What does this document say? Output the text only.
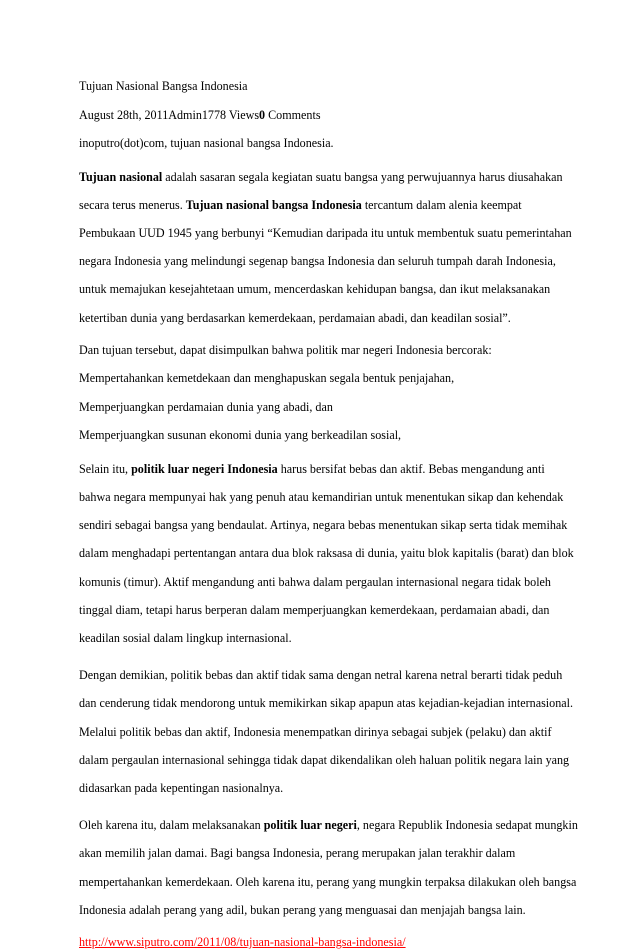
Tujuan Nasional Bangsa Indonesia

August 28th, 2011Admin1778 Views0 Comments

inoputro(dot)com, tujuan nasional bangsa Indonesia.

Tujuan nasional adalah sasaran segala kegiatan suatu bangsa yang perwujuannya harus diusahakan secara terus menerus. Tujuan nasional bangsa Indonesia tercantum dalam alenia keempat Pembukaan UUD 1945 yang berbunyi “Kemudian daripada itu untuk membentuk suatu pemerintahan negara Indonesia yang melindungi segenap bangsa Indonesia dan seluruh tumpah darah Indonesia, untuk memajukan kesejahtetaan umum, mencerdaskan kehidupan bangsa, dan ikut melaksanakan ketertiban dunia yang berdasarkan kemerdekaan, perdamaian abadi, dan keadilan sosial”.

Dan tujuan tersebut, dapat disimpulkan bahwa politik mar negeri Indonesia bercorak:

Mempertahankan kemetdekaan dan menghapuskan segala bentuk penjajahan,

Memperjuangkan perdamaian dunia yang abadi, dan

Memperjuangkan susunan ekonomi dunia yang berkeadilan sosial,

Selain itu, politik luar negeri Indonesia harus bersifat bebas dan aktif. Bebas mengandung anti bahwa negara mempunyai hak yang penuh atau kemandirian untuk menentukan sikap dan kehendak sendiri sebagai bangsa yang bendaulat. Artinya, negara bebas menentukan sikap serta tidak memihak dalam menghadapi pertentangan antara dua blok raksasa di dunia, yaitu blok kapitalis (barat) dan blok komunis (timur). Aktif mengandung anti bahwa dalam pergaulan internasional negara tidak boleh tinggal diam, tetapi harus berperan dalam memperjuangkan kemerdekaan, perdamaian abadi, dan keadilan sosial dalam lingkup internasional.

Dengan demikian, politik bebas dan aktif tidak sama dengan netral karena netral berarti tidak peduh dan cenderung tidak mendorong untuk memikirkan sikap apapun atas kejadian-kejadian internasional. Melalui politik bebas dan aktif, Indonesia menempatkan dirinya sebagai subjek (pelaku) dan aktif dalam pergaulan internasional sehingga tidak dapat dikendalikan oleh haluan politik negara lain yang didasarkan pada kepentingan nasionalnya.

Oleh karena itu, dalam melaksanakan politik luar negeri, negara Republik Indonesia sedapat mungkin akan memilih jalan damai. Bagi bangsa Indonesia, perang merupakan jalan terakhir dalam mempertahankan kemerdekaan. Oleh karena itu, perang yang mungkin terpaksa dilakukan oleh bangsa Indonesia adalah perang yang adil, bukan perang yang menguasai dan menjajah bangsa lain.

http://www.siputro.com/2011/08/tujuan-nasional-bangsa-indonesia/
